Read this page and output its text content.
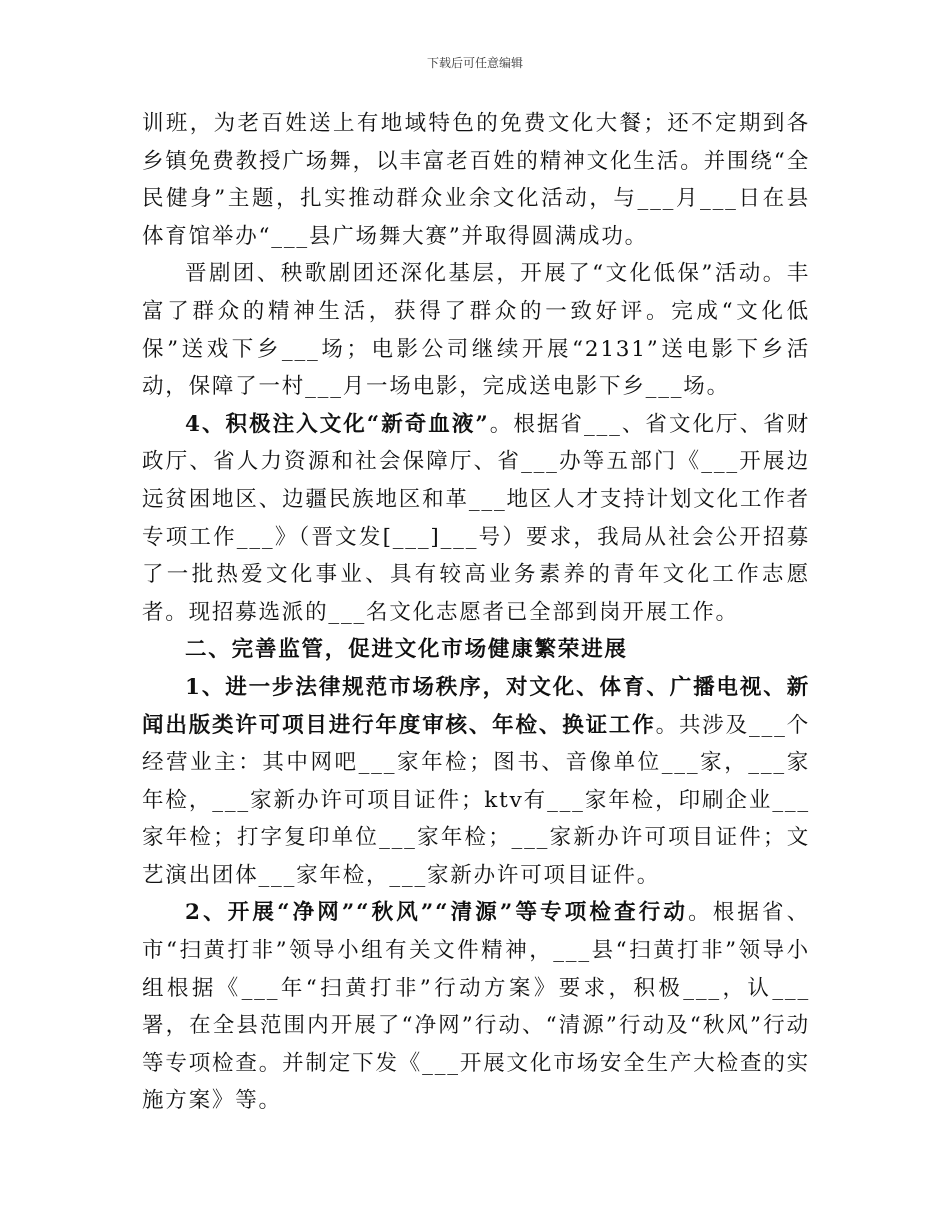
下载后可任意编辑

训班，为老百姓送上有地域特色的免费文化大餐；还不定期到各乡镇免费教授广场舞，以丰富老百姓的精神文化生活。并围绕“全民健身”主题，扎实推动群众业余文化活动，与___月___日在县体育馆举办“___县广场舞大赛”并取得圆满成功。

晋剧团、秧歌剧团还深化基层，开展了“文化低保”活动。丰富了群众的精神生活，获得了群众的一致好评。完成“文化低保”送戏下乡___场；电影公司继续开展“2131”送电影下乡活动，保障了一村___月一场电影，完成送电影下乡___场。

4、积极注入文化“新奇血液”。根据省___、省文化厅、省财政厅、省人力资源和社会保障厅、省___办等五部门《___开展边远贫困地区、边疆民族地区和革___地区人才支持计划文化工作者专项工作___》（晋文发[___]___号）要求，我局从社会公开招募了一批热爱文化事业、具有较高业务素养的青年文化工作志愿者。现招募选派的___名文化志愿者已全部到岗开展工作。

二、完善监管，促进文化市场健康繁荣进展

1、进一步法律规范市场秩序，对文化、体育、广播电视、新闻出版类许可项目进行年度审核、年检、换证工作。共涉及___个经营业主：其中网吧___家年检；图书、音像单位___家，___家年检，___家新办许可项目证件；ktv有___家年检，印刷企业___家年检；打字复印单位___家年检；___家新办许可项目证件；文艺演出团体___家年检，___家新办许可项目证件。

2、开展“净网”“秋风”“清源”等专项检查行动。根据省、市“扫黄打非”领导小组有关文件精神，___县“扫黄打非”领导小组根据《___年“扫黄打非”行动方案》要求，积极___，认___署，在全县范围内开展了“净网”行动、“清源”行动及“秋风”行动等专项检查。并制定下发《___开展文化市场安全生产大检查的实施方案》等。
